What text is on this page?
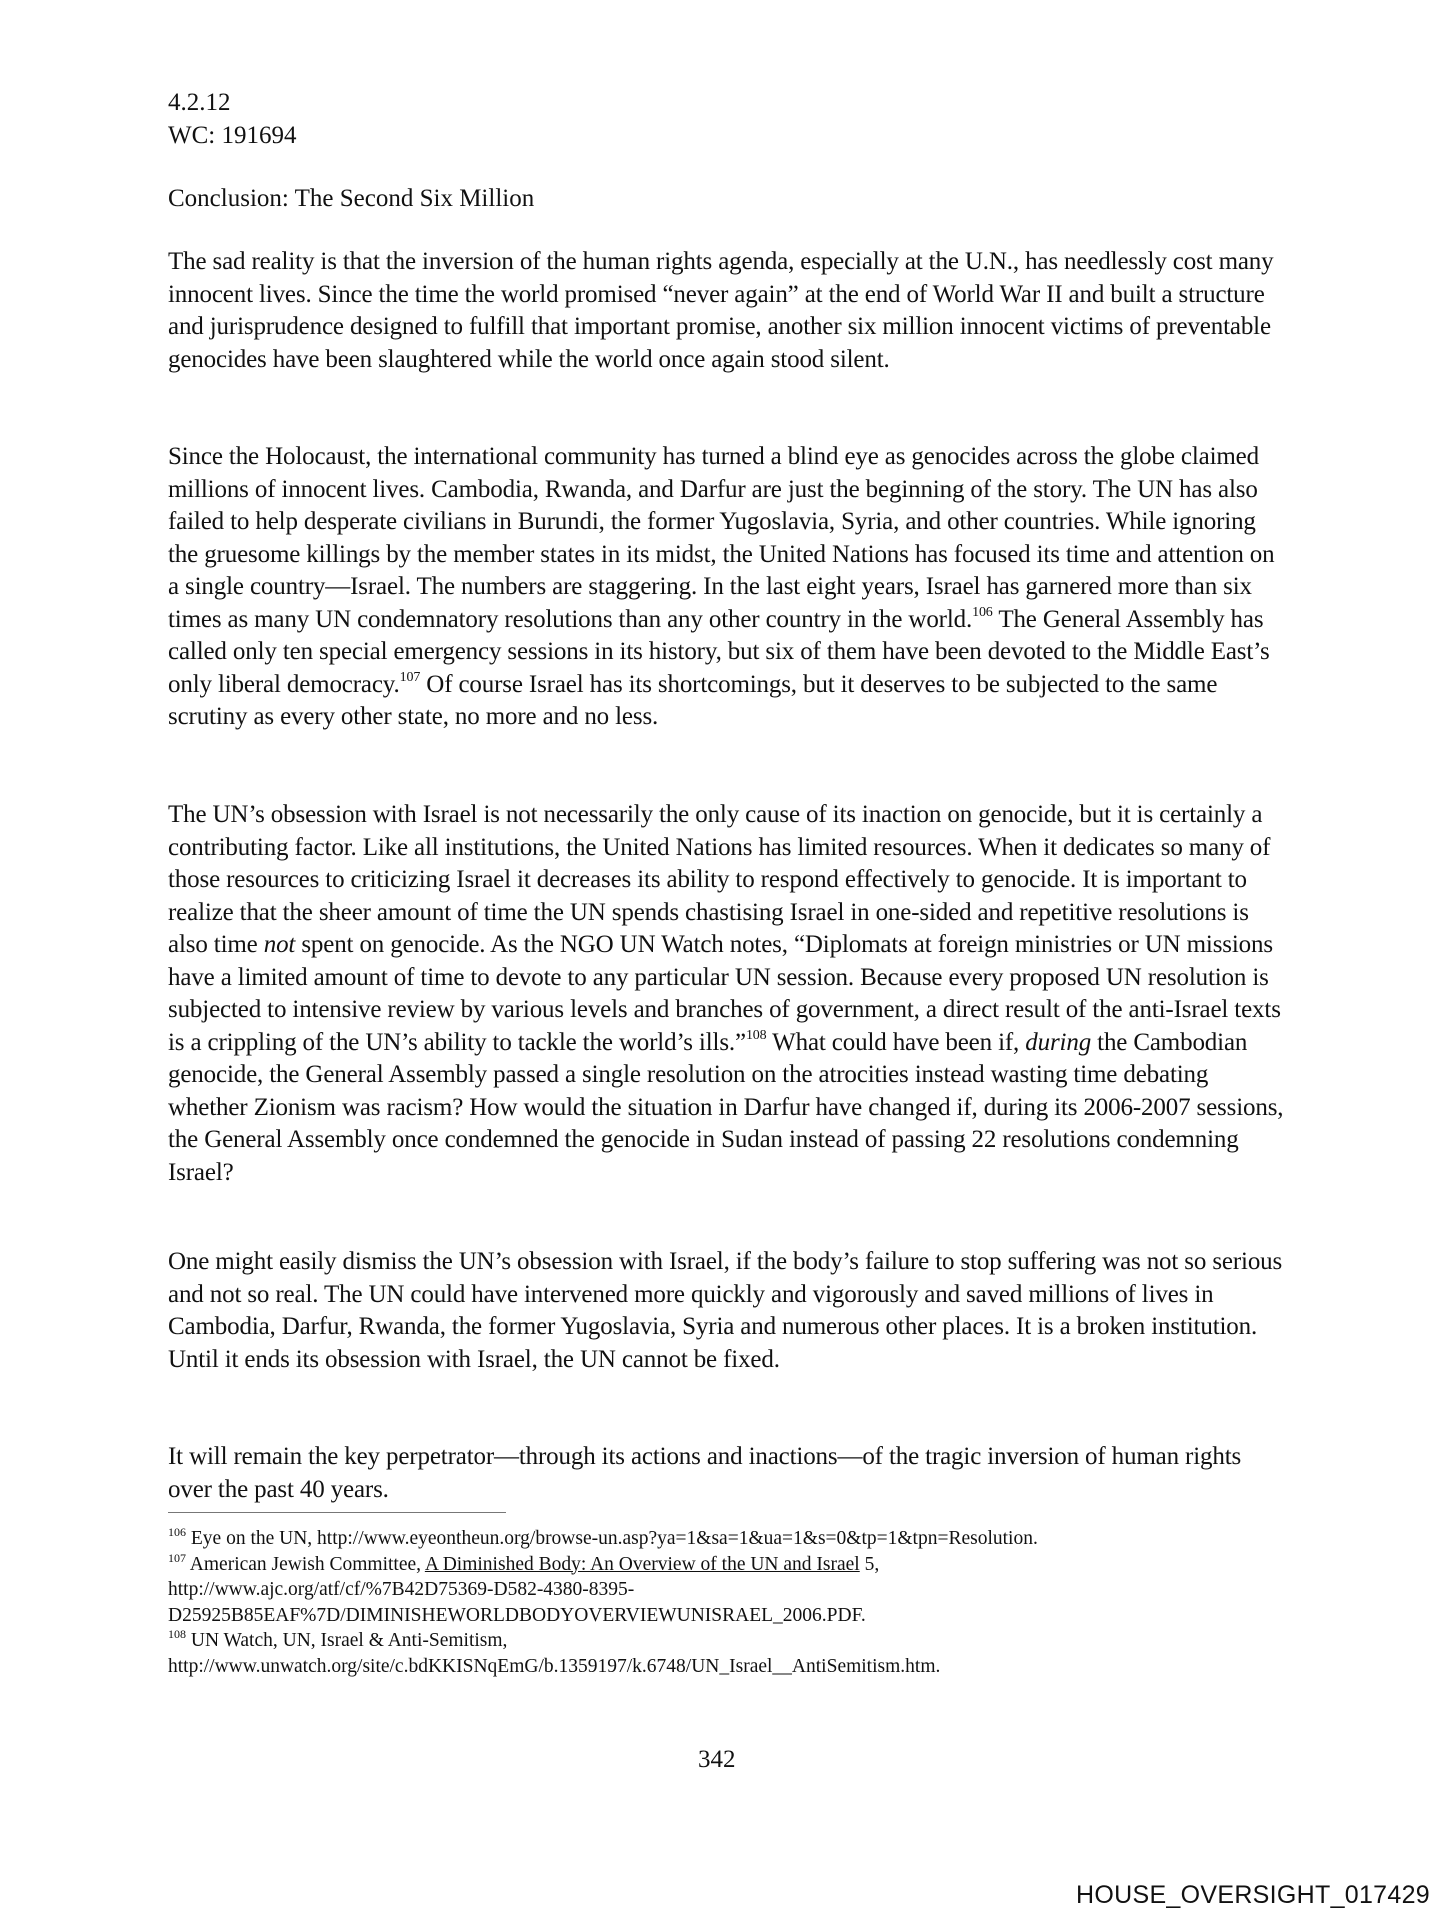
4.2.12

WC: 191694

Conclusion: The Second Six Million

The sad reality is that the inversion of the human rights agenda, especially at the U.N., has needlessly cost many innocent lives. Since the time the world promised “never again” at the end of World War II and built a structure and jurisprudence designed to fulfill that important promise, another six million innocent victims of preventable genocides have been slaughtered while the world once again stood silent.

Since the Holocaust, the international community has turned a blind eye as genocides across the globe claimed millions of innocent lives. Cambodia, Rwanda, and Darfur are just the beginning of the story. The UN has also failed to help desperate civilians in Burundi, the former Yugoslavia, Syria, and other countries. While ignoring the gruesome killings by the member states in its midst, the United Nations has focused its time and attention on a single country—Israel. The numbers are staggering. In the last eight years, Israel has garnered more than six times as many UN condemnatory resolutions than any other country in the world.$^{106}$ The General Assembly has called only ten special emergency sessions in its history, but six of them have been devoted to the Middle East’s only liberal democracy.$^{107}$ Of course Israel has its shortcomings, but it deserves to be subjected to the same scrutiny as every other state, no more and no less.

The UN’s obsession with Israel is not necessarily the only cause of its inaction on genocide, but it is certainly a contributing factor. Like all institutions, the United Nations has limited resources. When it dedicates so many of those resources to criticizing Israel it decreases its ability to respond effectively to genocide. It is important to realize that the sheer amount of time the UN spends chastising Israel in one-sided and repetitive resolutions is also time not spent on genocide. As the NGO UN Watch notes, “Diplomats at foreign ministries or UN missions have a limited amount of time to devote to any particular UN session. Because every proposed UN resolution is subjected to intensive review by various levels and branches of government, a direct result of the anti-Israel texts is a crippling of the UN’s ability to tackle the world’s ills.”$^{108}$ What could have been if, during the Cambodian genocide, the General Assembly passed a single resolution on the atrocities instead wasting time debating whether Zionism was racism? How would the situation in Darfur have changed if, during its 2006-2007 sessions, the General Assembly once condemned the genocide in Sudan instead of passing 22 resolutions condemning Israel?

One might easily dismiss the UN’s obsession with Israel, if the body’s failure to stop suffering was not so serious and not so real. The UN could have intervened more quickly and vigorously and saved millions of lives in Cambodia, Darfur, Rwanda, the former Yugoslavia, Syria and numerous other places. It is a broken institution. Until it ends its obsession with Israel, the UN cannot be fixed.

It will remain the key perpetrator—through its actions and inactions—of the tragic inversion of human rights over the past 40 years.

$^{106}$ Eye on the UN, http://www.eyeontheun.org/browse-un.asp?ya=1&sa=1&ua=1&s=0&tp=1&tpn=Resolution.

$^{107}$ American Jewish Committee, A Diminished Body: An Overview of the UN and Israel 5,
http://www.ajc.org/atf/cf/%7B42D75369-D582-4380-8395-
D25925B85EAF%7D/DIMINISHEWORLDBODYOVERVIEWUNISRAEL_2006.PDF.

$^{108}$ UN Watch, UN, Israel & Anti-Semitism,
http://www.unwatch.org/site/c.bdKKISNqEmG/b.1359197/k.6748/UN_Israel__AntiSemitism.htm.

342
HOUSE_OVERSIGHT_017429
